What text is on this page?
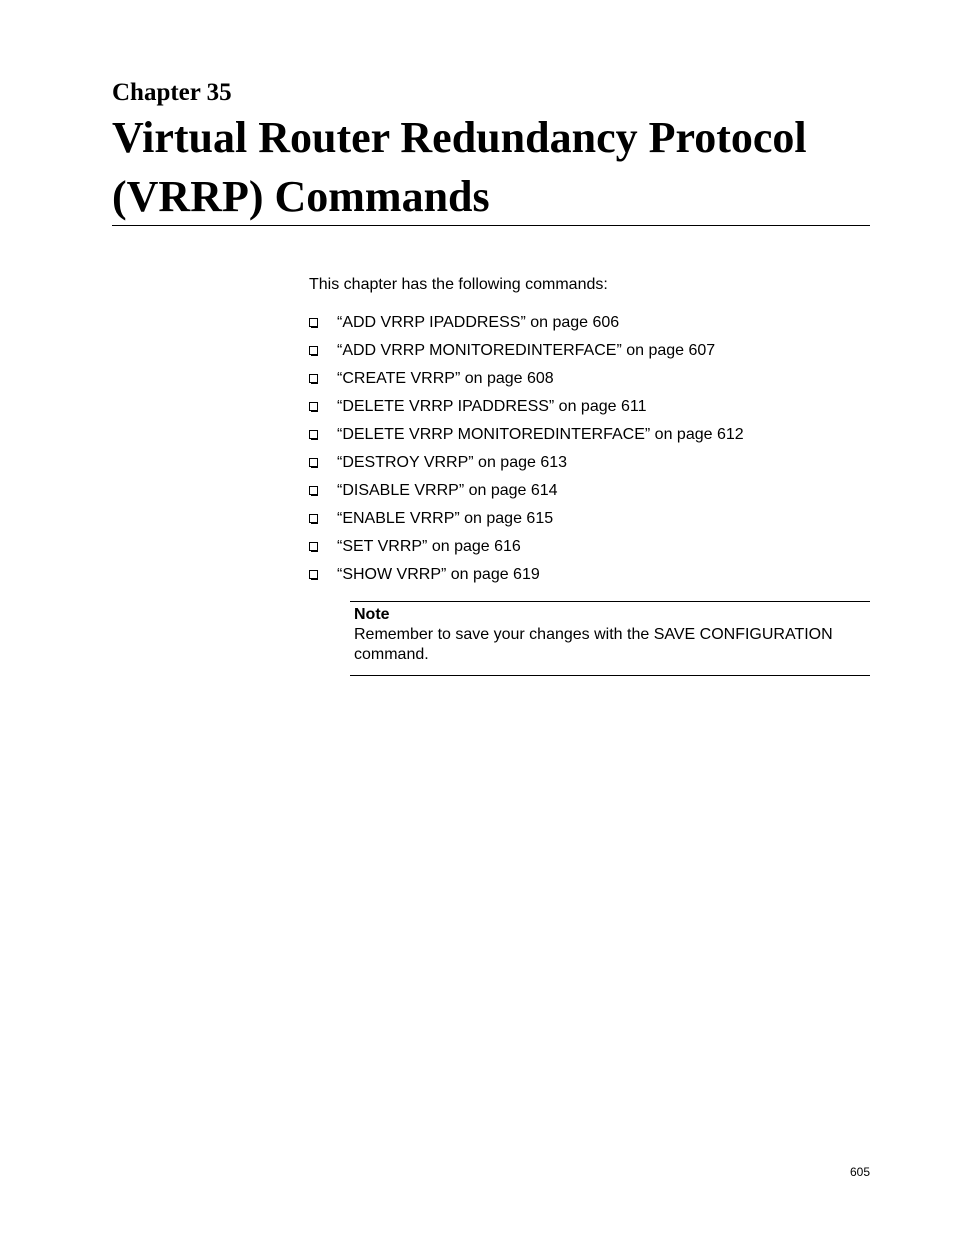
Chapter 35
Virtual Router Redundancy Protocol (VRRP) Commands

This chapter has the following commands:

“ADD VRRP IPADDRESS” on page 606
“ADD VRRP MONITOREDINTERFACE” on page 607
“CREATE VRRP” on page 608
“DELETE VRRP IPADDRESS” on page 611
“DELETE VRRP MONITOREDINTERFACE” on page 612
“DESTROY VRRP” on page 613
“DISABLE VRRP” on page 614
“ENABLE VRRP” on page 615
“SET VRRP” on page 616
“SHOW VRRP” on page 619
Note
Remember to save your changes with the SAVE CONFIGURATION command.
605
